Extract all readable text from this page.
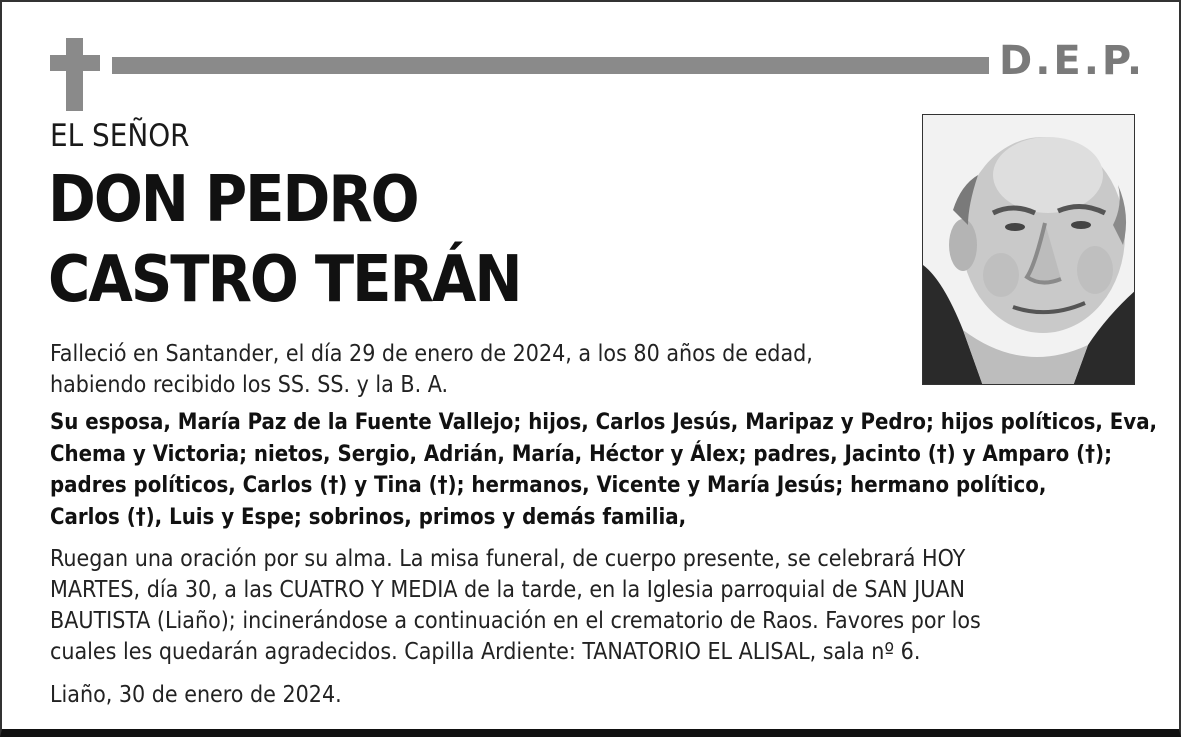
D.E.P.
EL SEÑOR
DON PEDRO
CASTRO TERÁN
Falleció en Santander, el día 29 de enero de 2024, a los 80 años de edad,
habiendo recibido los SS. SS. y la B. A.
Su esposa, María Paz de la Fuente Vallejo; hijos, Carlos Jesús, Maripaz y Pedro; hijos políticos, Eva,
Chema y Victoria; nietos, Sergio, Adrián, María, Héctor y Álex; padres, Jacinto (†) y Amparo (†);
padres políticos, Carlos (†) y Tina (†); hermanos, Vicente y María Jesús; hermano político,
Carlos (†), Luis y Espe; sobrinos, primos y demás familia,
Ruegan una oración por su alma. La misa funeral, de cuerpo presente, se celebrará HOY
MARTES, día 30, a las CUATRO Y MEDIA de la tarde, en la Iglesia parroquial de SAN JUAN
BAUTISTA (Liaño); incinerándose a continuación en el crematorio de Raos. Favores por los
cuales les quedarán agradecidos. Capilla Ardiente: TANATORIO EL ALISAL, sala nº 6.
Liaño, 30 de enero de 2024.
